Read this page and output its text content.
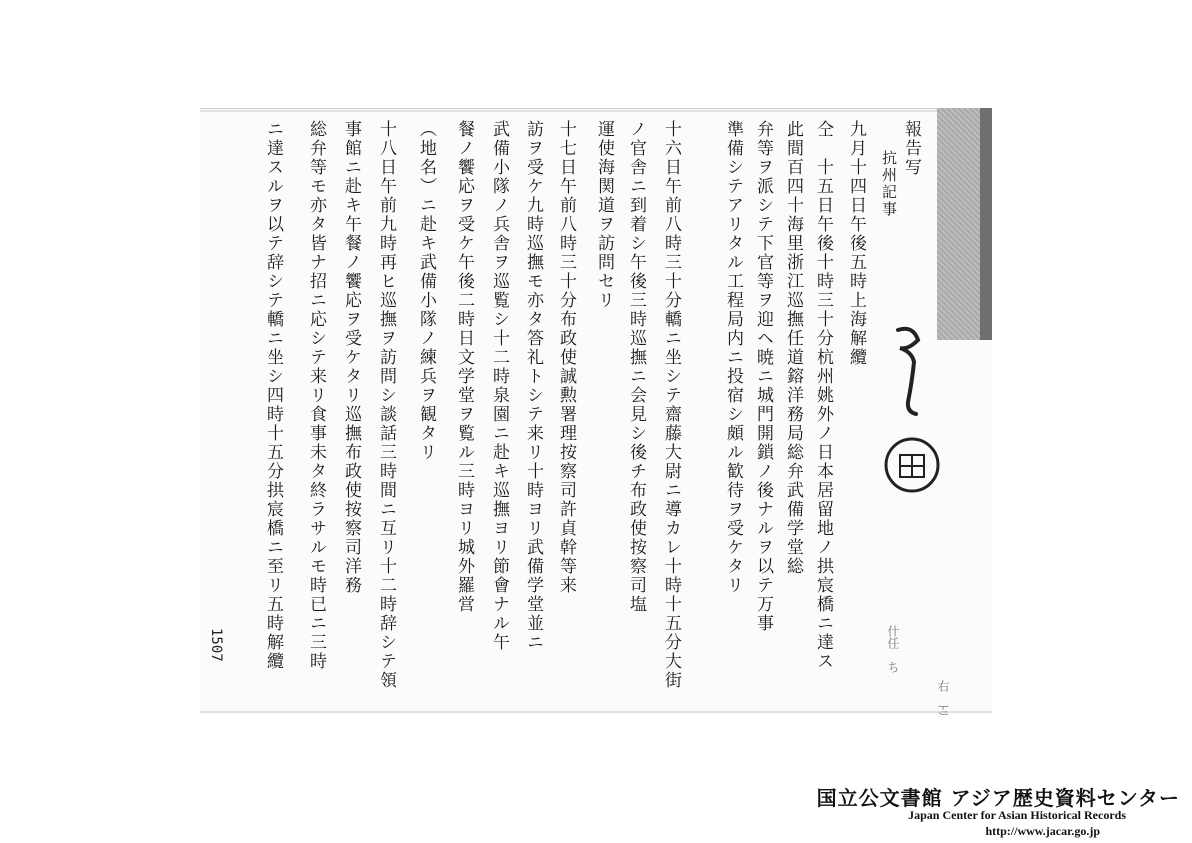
報告写
抗州記事
九月十四日午後五時上海解纜
仝　十五日午後十時三十分杭州姚外ノ日本居留地ノ拱宸橋ニ達ス
此間百四十海里浙江巡撫任道鎔洋務局総弁武備学堂総
弁等ヲ派シテ下官等ヲ迎ヘ暁ニ城門開鎖ノ後ナルヲ以テ万事
準備シテアリタル工程局内ニ投宿シ頗ル歓待ヲ受ケタリ
十六日午前八時三十分轎ニ坐シテ齋藤大尉ニ導カレ十時十五分大街
ノ官舎ニ到着シ午後三時巡撫ニ会見シ後チ布政使按察司塩
運使海関道ヲ訪問セリ
十七日午前八時三十分布政使誠勲署理按察司許貞幹等来
訪ヲ受ケ九時巡撫モ亦タ答礼トシテ来リ十時ヨリ武備学堂並ニ
武備小隊ノ兵舎ヲ巡覧シ十二時泉園ニ赴キ巡撫ヨリ節會ナル午
餐ノ饗応ヲ受ケ午後二時日文学堂ヲ覧ル三時ヨリ城外羅営
（地名）ニ赴キ武備小隊ノ練兵ヲ観タリ
十八日午前九時再ヒ巡撫ヲ訪問シ談話三時間ニ互リ十二時辞シテ領
事館ニ赴キ午餐ノ饗応ヲ受ケタリ巡撫布政使按察司洋務
総弁等モ亦タ皆ナ招ニ応シテ来リ食事未タ終ラサルモ時已ニ三時
ニ達スルヲ以テ辞シテ轎ニ坐シ四時十五分拱宸橋ニ至リ五時解纜
1507	什任　ち
右　ﾄﾘ
国立公文書館 アジア歴史資料センター
Japan Center for Asian Historical Records
http://www.jacar.go.jp
